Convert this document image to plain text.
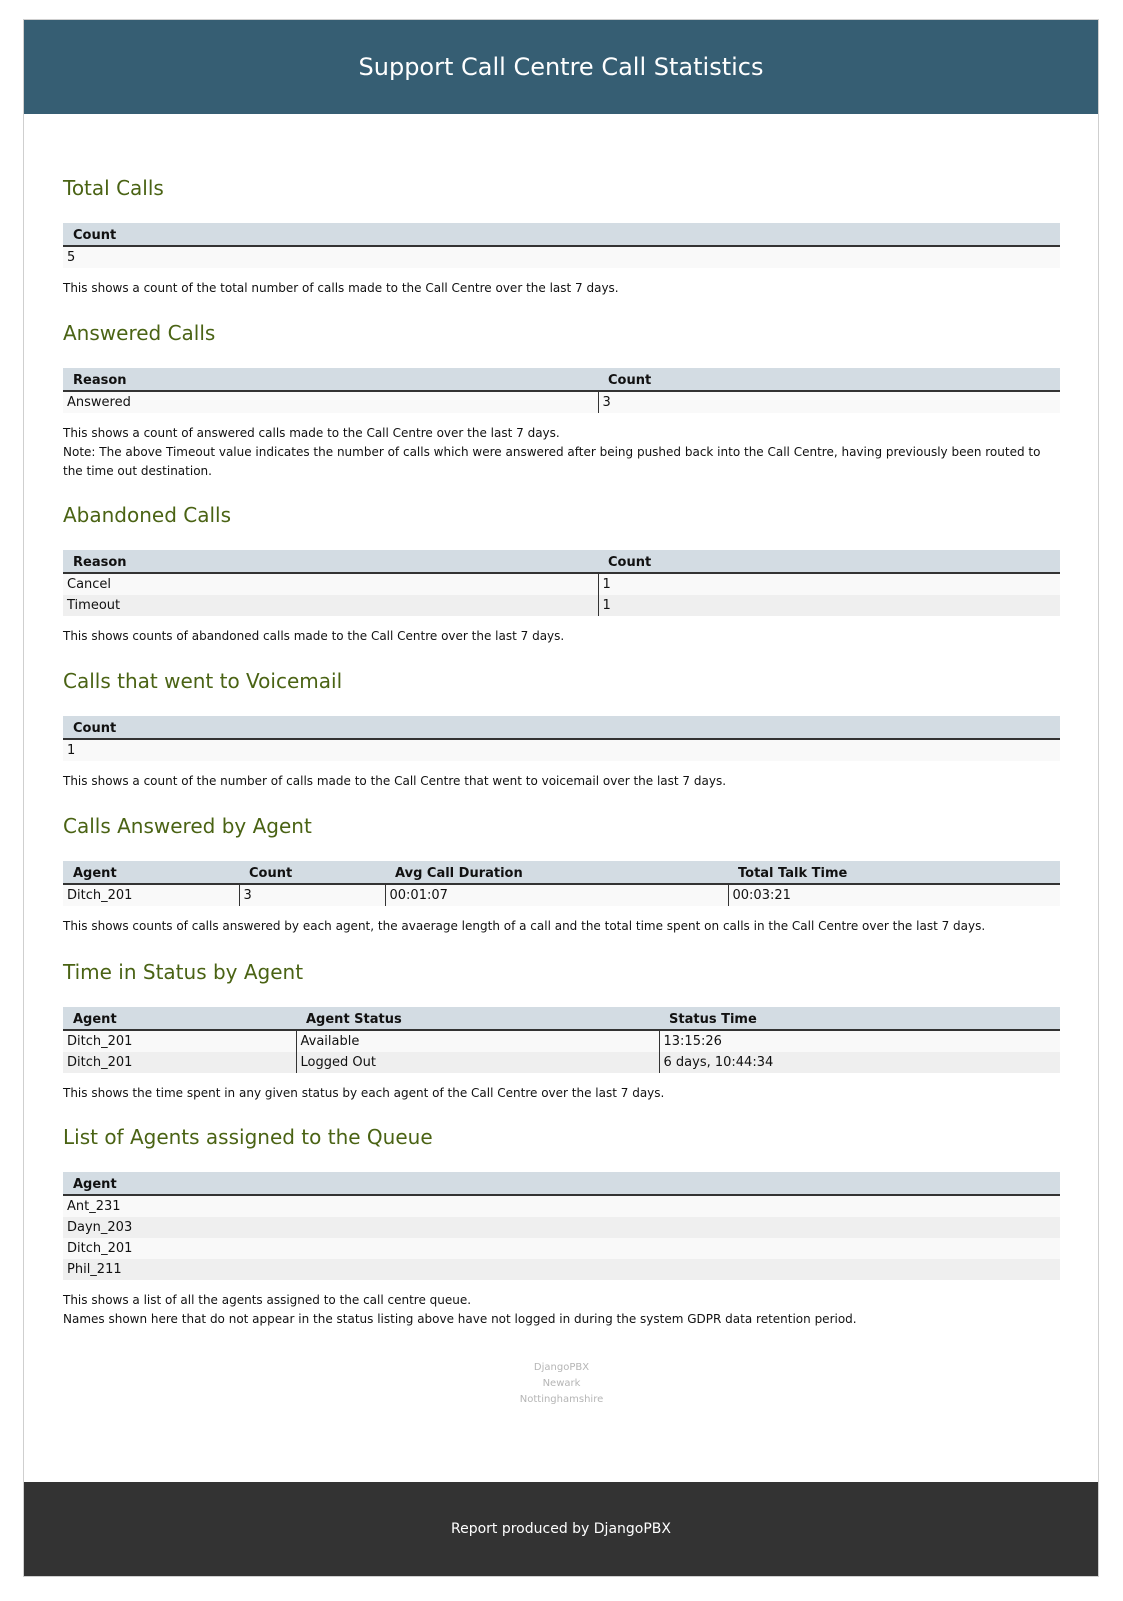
Support Call Centre Call Statistics
Total Calls
Count
5
This shows a count of the total number of calls made to the Call Centre over the last 7 days.
Answered Calls
Reason	Count
Answered	3
This shows a count of answered calls made to the Call Centre over the last 7 days.
Note: The above Timeout value indicates the number of calls which were answered after being pushed back into the Call Centre, having previously been routed to the time out destination.
Abandoned Calls
Reason	Count
Cancel	1
Timeout	1
This shows counts of abandoned calls made to the Call Centre over the last 7 days.
Calls that went to Voicemail
Count
1
This shows a count of the number of calls made to the Call Centre that went to voicemail over the last 7 days.
Calls Answered by Agent
Agent	Count	Avg Call Duration	Total Talk Time
Ditch_201	3	00:01:07	00:03:21
This shows counts of calls answered by each agent, the avaerage length of a call and the total time spent on calls in the Call Centre over the last 7 days.
Time in Status by Agent
Agent	Agent Status	Status Time
Ditch_201	Available	13:15:26
Ditch_201	Logged Out	6 days, 10:44:34
This shows the time spent in any given status by each agent of the Call Centre over the last 7 days.
List of Agents assigned to the Queue
Agent
Ant_231
Dayn_203
Ditch_201
Phil_211
This shows a list of all the agents assigned to the call centre queue.
Names shown here that do not appear in the status listing above have not logged in during the system GDPR data retention period.
DjangoPBX
Newark
Nottinghamshire
Report produced by DjangoPBX
